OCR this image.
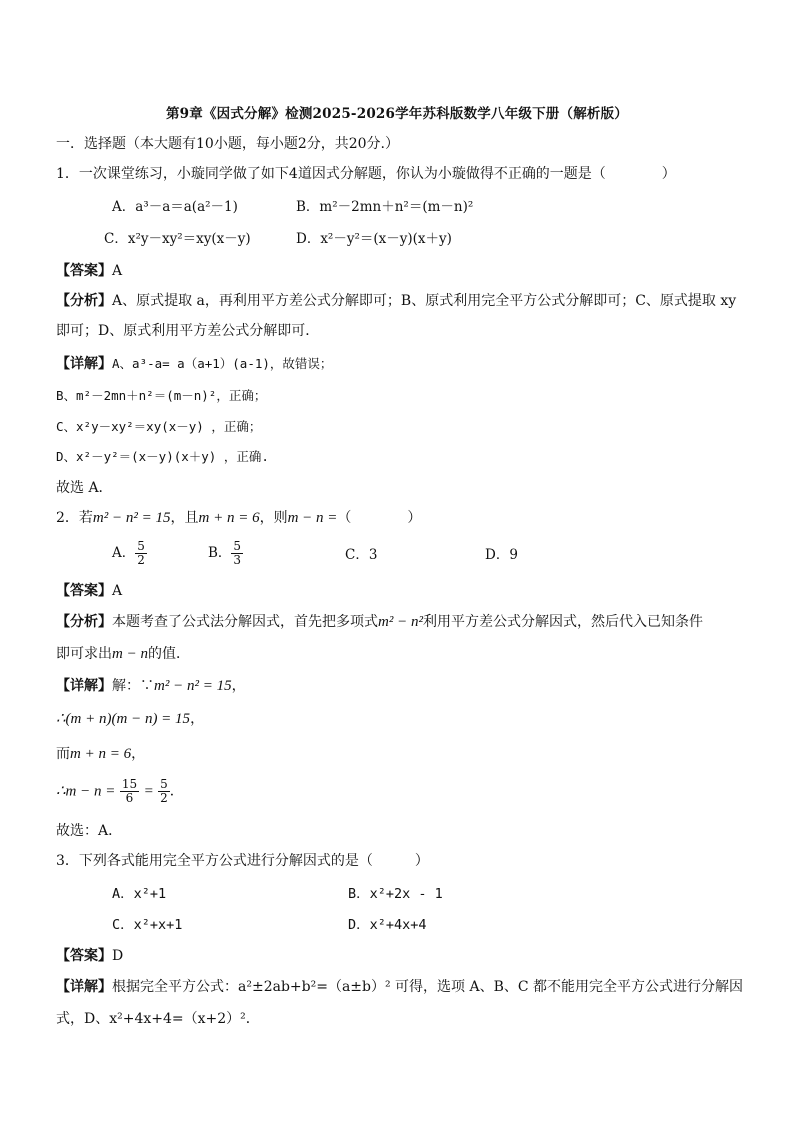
第9章《因式分解》检测2025-2026学年苏科版数学八年级下册（解析版）
一．选择题（本大题有10小题，每小题2分，共20分.）
1．一次课堂练习，小璇同学做了如下4道因式分解题，你认为小璇做得不正确的一题是（　　　　）
A．a³－a＝a(a²－1)	B．m²－2mn＋n²＝(m－n)²
C．x²y－xy²＝xy(x－y)	D．x²－y²＝(x－y)(x＋y)
【答案】A
【分析】A、原式提取 a，再利用平方差公式分解即可；B、原式利用完全平方公式分解即可；C、原式提取 xy
即可；D、原式利用平方差公式分解即可．
【详解】A、a³-a= a（a+1）(a-1)，故错误；
B、m²－2mn＋n²＝(m－n)²，正确；
C、x²y－xy²＝xy(x－y) ，正确；
D、x²－y²＝(x－y)(x＋y) ，正确.
故选 A．
2．若m² − n² = 15，且m + n = 6，则m − n =（　　　　）
A． $\frac{5}{2}$	B． $\frac{5}{3}$	C．3	D．9
【答案】A
【分析】本题考查了公式法分解因式，首先把多项式m² − n²利用平方差公式分解因式，然后代入已知条件
即可求出m − n的值．
【详解】解：∵m² − n² = 15，
∴(m + n)(m − n) = 15，
而m + n = 6，
∴m − $n = \frac{15}{6} = \frac{5}{2}$ ．
故选：A．
3．下列各式能用完全平方公式进行分解因式的是（　　　）
A．x²+1	B．x²+2x - 1
C．x²+x+1	D．x²+4x+4
【答案】D
【详解】根据完全平方公式：a²±2ab+b²=（a±b）² 可得，选项 A、B、C 都不能用完全平方公式进行分解因
式，D、x²+4x+4=（x+2）²．
